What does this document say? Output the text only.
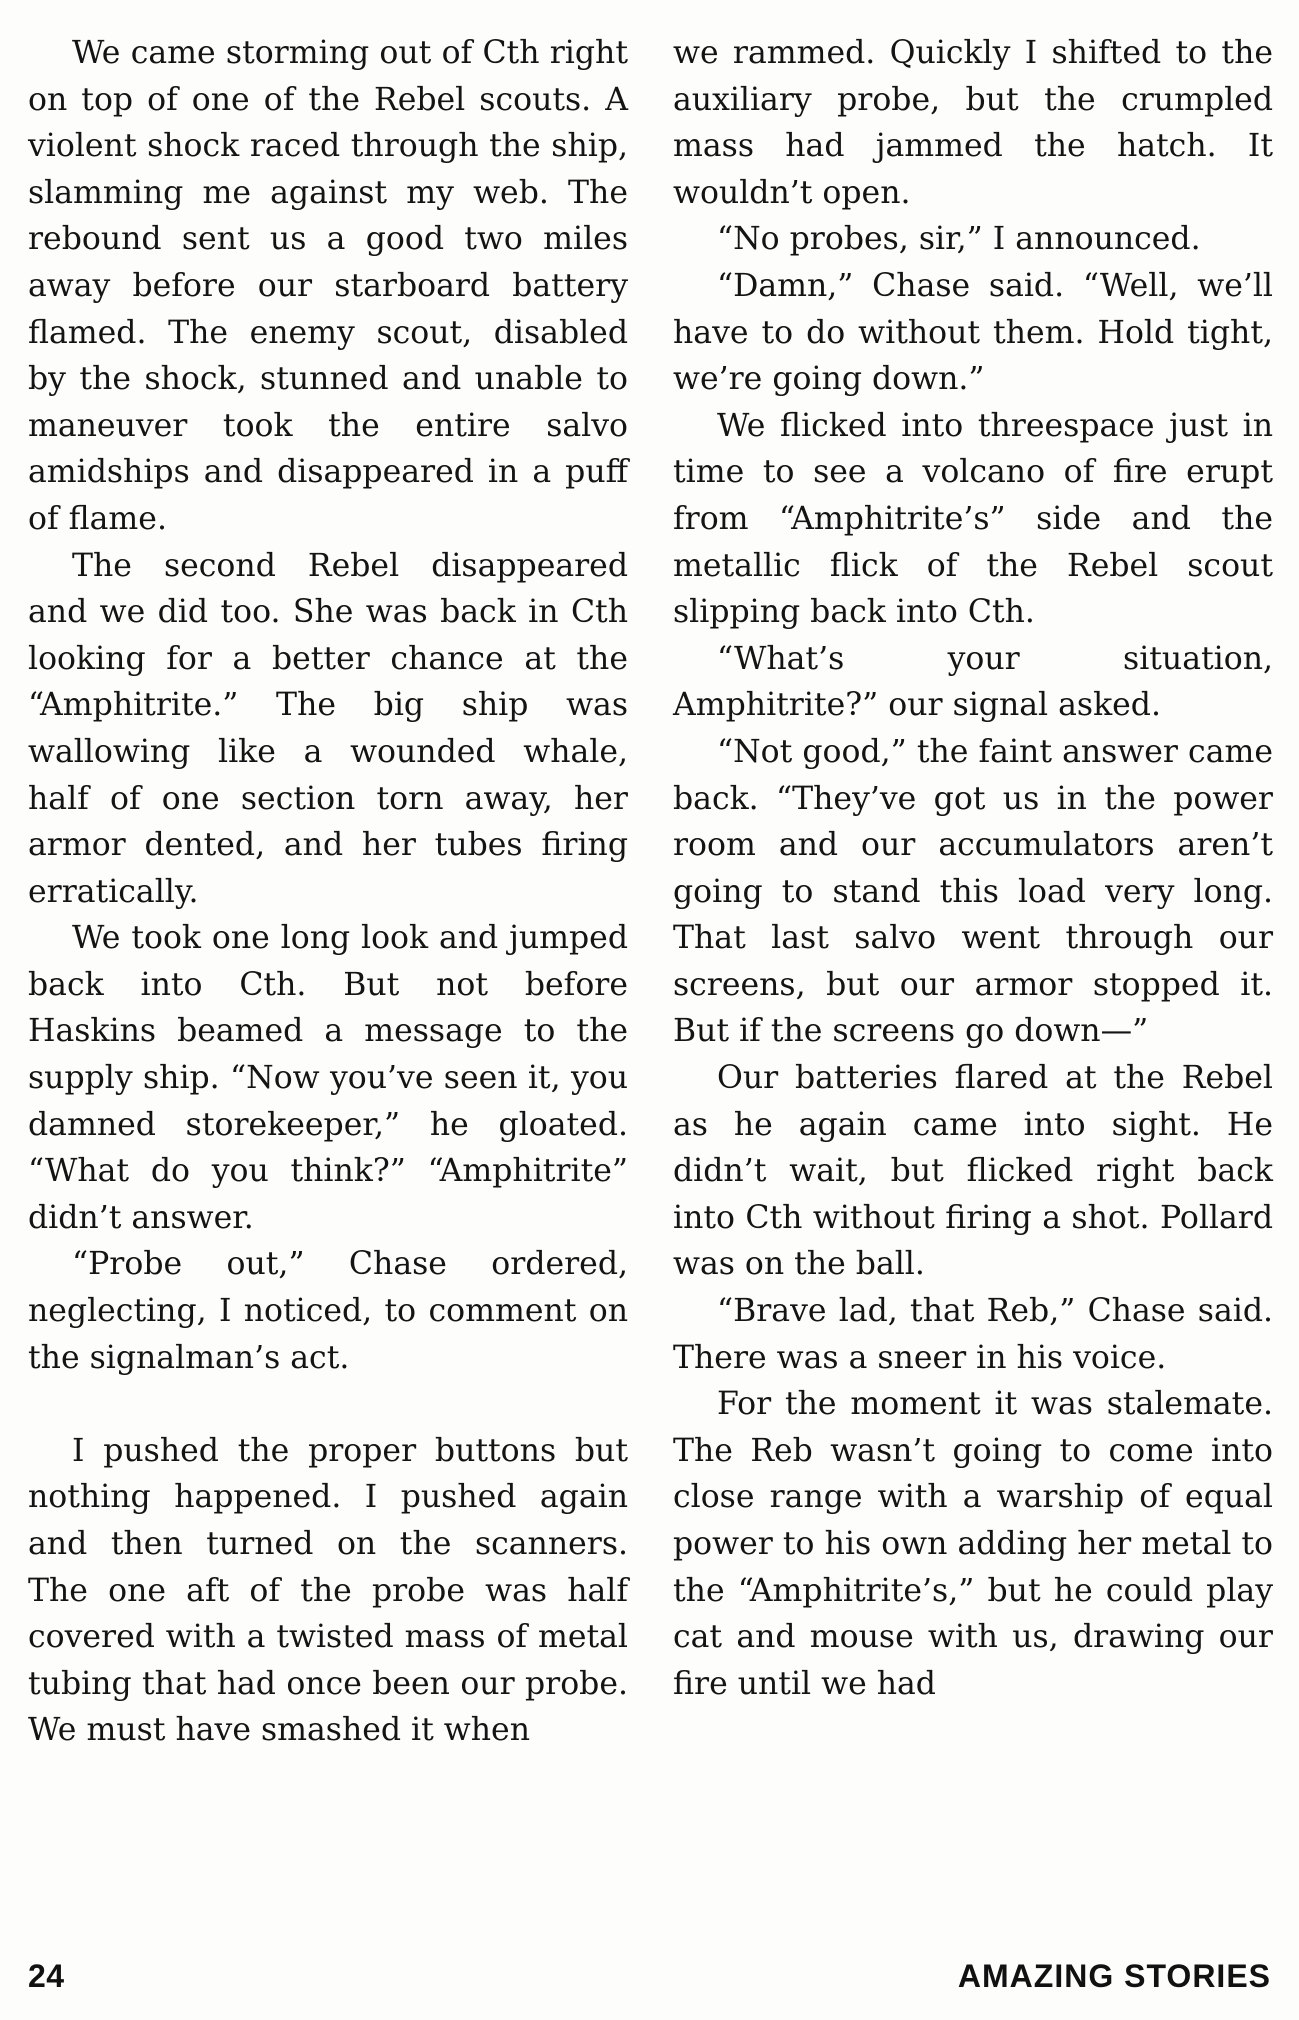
We came storming out of Cth right on top of one of the Rebel scouts. A violent shock raced through the ship, slamming me against my web. The rebound sent us a good two miles away before our starboard battery flamed. The enemy scout, disabled by the shock, stunned and unable to maneuver took the entire salvo amidships and disappeared in a puff of flame.

The second Rebel disappeared and we did too. She was back in Cth looking for a better chance at the “Amphitrite.” The big ship was wallowing like a wounded whale, half of one section torn away, her armor dented, and her tubes firing erratically.

We took one long look and jumped back into Cth. But not before Haskins beamed a message to the supply ship. “Now you’ve seen it, you damned storekeeper,” he gloated. “What do you think?” “Amphitrite” didn’t answer.

“Probe out,” Chase ordered, neglecting, I noticed, to comment on the signalman’s act.

I pushed the proper buttons but nothing happened. I pushed again and then turned on the scanners. The one aft of the probe was half covered with a twisted mass of metal tubing that had once been our probe. We must have smashed it when

we rammed. Quickly I shifted to the auxiliary probe, but the crumpled mass had jammed the hatch. It wouldn’t open.

“No probes, sir,” I announced.

“Damn,” Chase said. “Well, we’ll have to do without them. Hold tight, we’re going down.”

We flicked into threespace just in time to see a volcano of fire erupt from “Amphitrite’s” side and the metallic flick of the Rebel scout slipping back into Cth.

“What’s your situation, Amphitrite?” our signal asked.

“Not good,” the faint answer came back. “They’ve got us in the power room and our accumulators aren’t going to stand this load very long. That last salvo went through our screens, but our armor stopped it. But if the screens go down—”

Our batteries flared at the Rebel as he again came into sight. He didn’t wait, but flicked right back into Cth without firing a shot. Pollard was on the ball.

“Brave lad, that Reb,” Chase said. There was a sneer in his voice.

For the moment it was stalemate. The Reb wasn’t going to come into close range with a warship of equal power to his own adding her metal to the “Amphitrite’s,” but he could play cat and mouse with us, drawing our fire until we had

24	AMAZING STORIES
